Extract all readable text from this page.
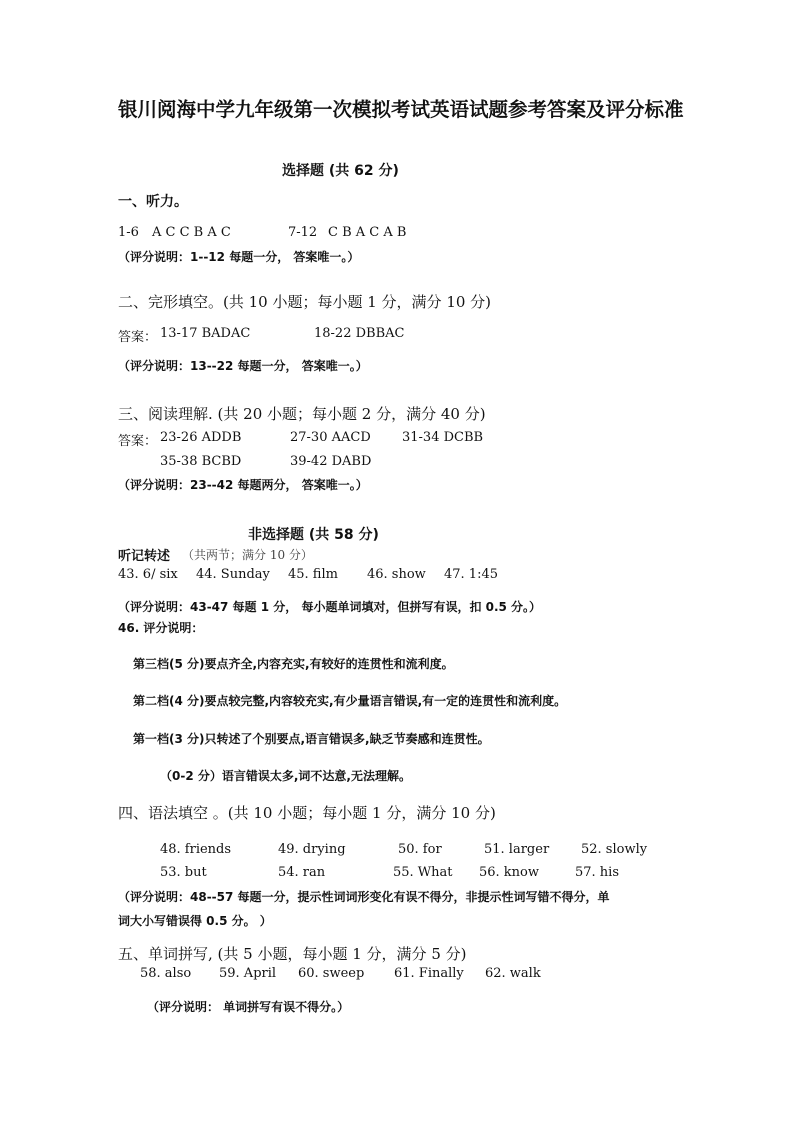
银川阅海中学九年级第一次模拟考试英语试题参考答案及评分标准
选择题 (共 62 分)
一、听力。
1-6 A C C B A C	7-12 C B A C A B
（评分说明：1--12 每题一分， 答案唯一。）
二、完形填空。(共 10 小题；每小题 1 分，满分 10 分)
答案： 13-17 BADAC	18-22 DBBAC
（评分说明：13--22 每题一分， 答案唯一。）
三、阅读理解. (共 20 小题；每小题 2 分，满分 40 分)
答案： 23-26 ADDB	27-30 AACD 31-34 DCBB
35-38 BCBD	39-42 DABD
（评分说明：23--42 每题两分， 答案唯一。）
非选择题 (共 58 分)
听记转述 （共两节；满分 10 分）
43. 6/ six 44. Sunday 45. film 46. show 47. 1:45
（评分说明：43-47 每题 1 分， 每小题单词填对，但拼写有误，扣 0.5 分。）
46. 评分说明：
第三档(5 分)要点齐全,内容充实,有较好的连贯性和流利度。
第二档(4 分)要点较完整,内容较充实,有少量语言错误,有一定的连贯性和流利度。
第一档(3 分)只转述了个别要点,语言错误多,缺乏节奏感和连贯性。
（0-2 分）语言错误太多,词不达意,无法理解。
四、语法填空 。(共 10 小题；每小题 1 分，满分 10 分)
48. friends	49. drying	50. for	51. larger 52. slowly
53. but	54. ran	55. What 56. know	57. his
（评分说明：48--57 每题一分，提示性词词形变化有误不得分，非提示性词写错不得分，单
词大小写错误得 0.5 分。 ）
五、单词拼写, (共 5 小题，每小题 1 分，满分 5 分)
58. also 59. April 60. sweep 61. Finally 62. walk
（评分说明： 单词拼写有误不得分。）
